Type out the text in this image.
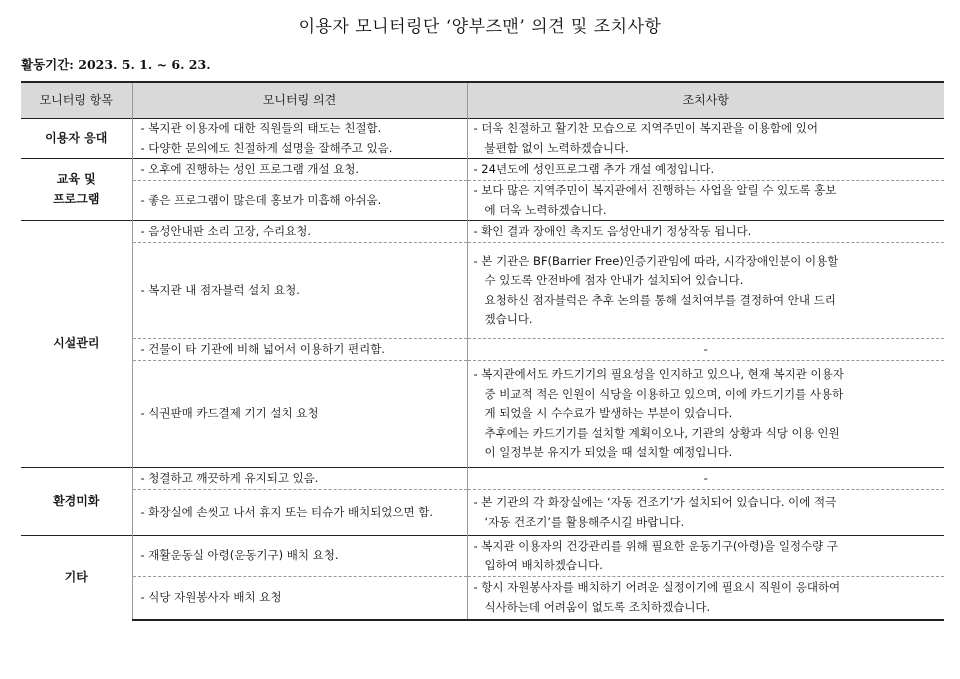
이용자 모니터링단 ‘양부즈맨’ 의견 및 조치사항
활동기간: 2023. 5. 1. ~ 6. 23.
모니터링 항목	모니터링 의견	조치사항

이용자 응대	- 복지관 이용자에 대한 직원들의 태도는 친절함.
- 다양한 문의에도 친절하게 설명을 잘해주고 있음.	- 더욱 친절하고 활기찬 모습으로 지역주민이 복지관을 이용함에 있어
불편함 없이 노력하겠습니다.

교육 및
프로그램	- 오후에 진행하는 성인 프로그램 개설 요청.	- 24년도에 성인프로그램 추가 개설 예정입니다.

	- 좋은 프로그램이 많은데 홍보가 미흡해 아쉬움.	- 보다 많은 지역주민이 복지관에서 진행하는 사업을 알릴 수 있도록 홍보
에 더욱 노력하겠습니다.

시설관리	- 음성안내판 소리 고장, 수리요청.	- 확인 결과 장애인 촉지도 음성안내기 정상작동 됩니다.

	- 복지관 내 점자블럭 설치 요청.	- 본 기관은 BF(Barrier Free)인증기관임에 따라, 시각장애인분이 이용할
수 있도록 안전바에 점자 안내가 설치되어 있습니다.
요청하신 점자블럭은 추후 논의를 통해 설치여부를 결정하여 안내 드리
겠습니다.

	- 건물이 타 기관에 비해 넓어서 이용하기 편리함.	-

	- 식권판매 카드결제 기기 설치 요청	- 복지관에서도 카드기기의 필요성을 인지하고 있으나, 현재 복지관 이용자
중 비교적 적은 인원이 식당을 이용하고 있으며, 이에 카드기기를 사용하
게 되었을 시 수수료가 발생하는 부분이 있습니다.
추후에는 카드기기를 설치할 계획이오나, 기관의 상황과 식당 이용 인원
이 일정부분 유지가 되었을 때 설치할 예정입니다.

환경미화	- 청결하고 깨끗하게 유지되고 있음.	-

	- 화장실에 손씻고 나서 휴지 또는 티슈가 배치되었으면 함.	- 본 기관의 각 화장실에는 ‘자동 건조기’가 설치되어 있습니다. 이에 적극
‘자동 건조기’를 활용해주시길 바랍니다.

기타	- 재활운동실 아령(운동기구) 배치 요청.	- 복지관 이용자의 건강관리를 위해 필요한 운동기구(아령)을 일정수량 구
입하여 배치하겠습니다.

	- 식당 자원봉사자 배치 요청	- 항시 자원봉사자를 배치하기 어려운 실정이기에 필요시 직원이 응대하여
식사하는데 어려움이 없도록 조치하겠습니다.
